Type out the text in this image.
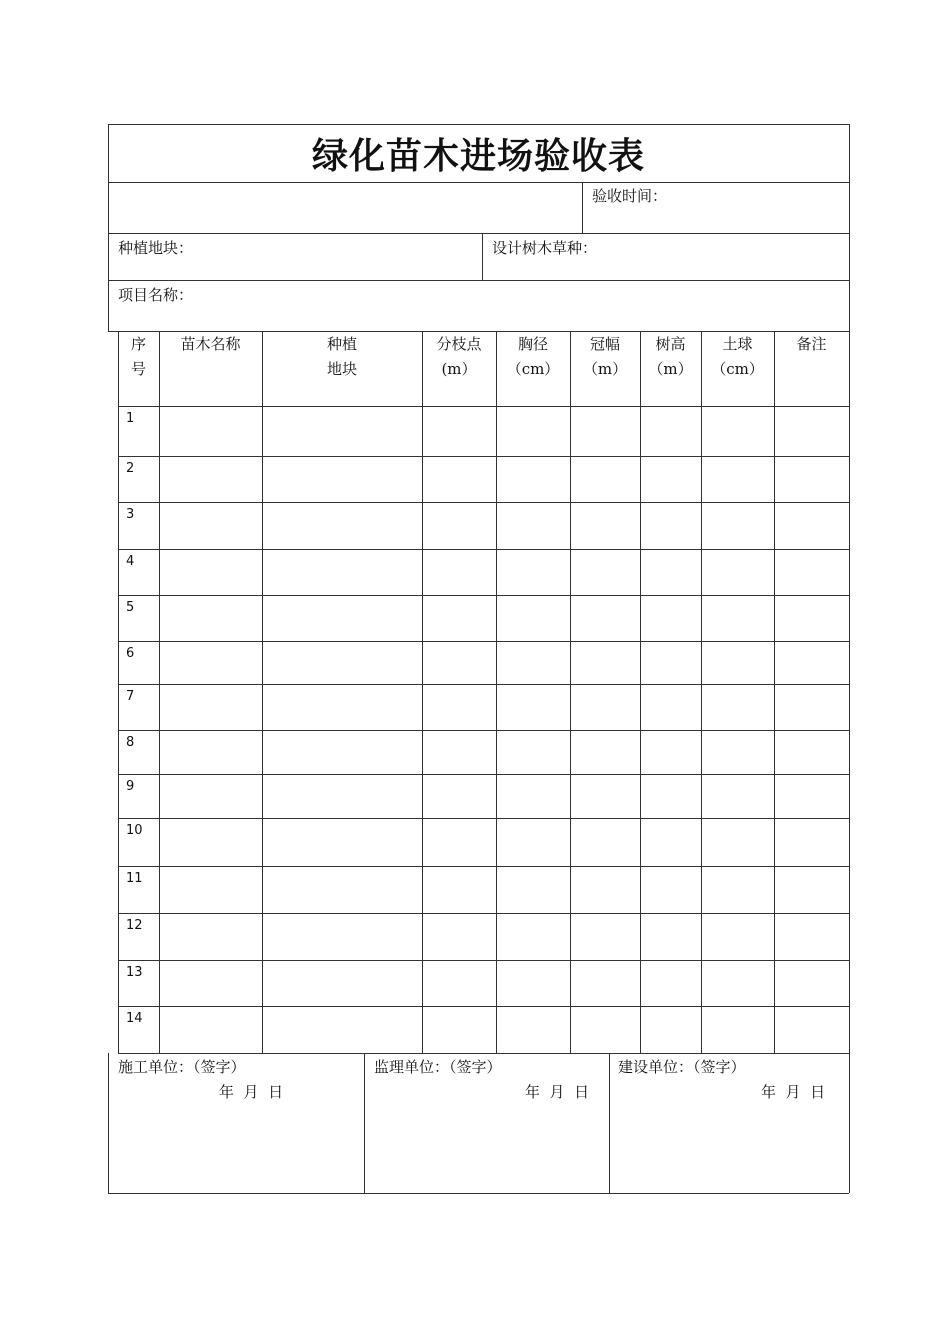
绿化苗木进场验收表
验收时间：
种植地块：	设计树木草种：
项目名称：
序
号
苗木名称	种植
地块
分枝点
(m）
胸径
（cm）
冠幅
（m）
树高
（m）
土球
（cm）
备注
1
2
3
4
5
6
7
8
9
10
11
12
13
14
施工单位：（签字）
年  月  日
监理单位：（签字）
年  月  日
建设单位：（签字）
年  月  日
